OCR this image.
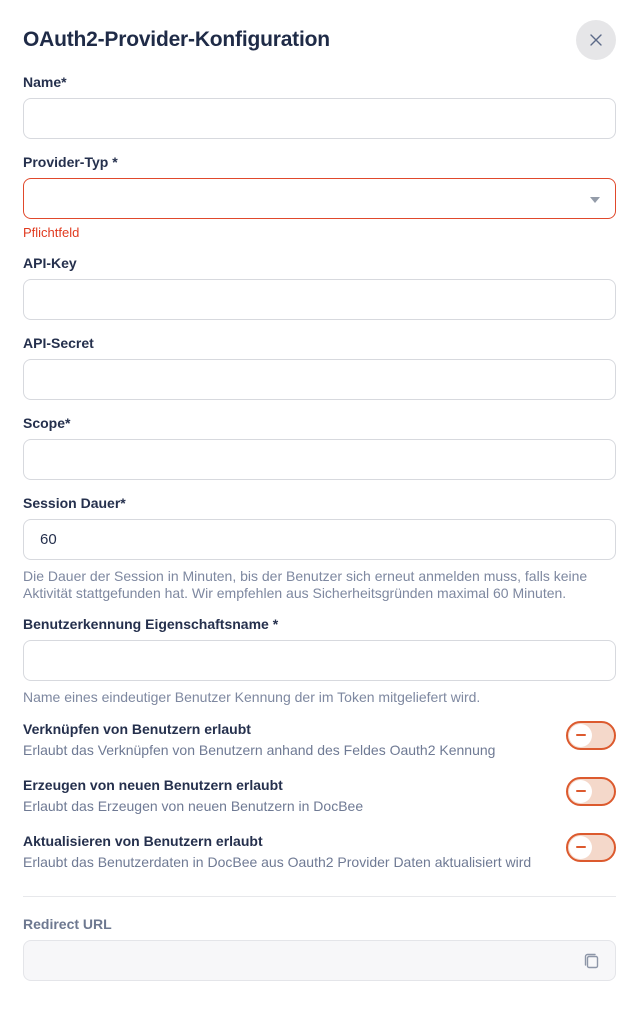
OAuth2-Provider-Konfiguration
Name*
Provider-Typ *
Pflichtfeld
API-Key
API-Secret
Scope*
Session Dauer*
60
Die Dauer der Session in Minuten, bis der Benutzer sich erneut anmelden muss, falls keine Aktivität stattgefunden hat. Wir empfehlen aus Sicherheitsgründen maximal 60 Minuten.
Benutzerkennung Eigenschaftsname *
Name eines eindeutiger Benutzer Kennung der im Token mitgeliefert wird.
Verknüpfen von Benutzern erlaubt
Erlaubt das Verknüpfen von Benutzern anhand des Feldes Oauth2 Kennung
Erzeugen von neuen Benutzern erlaubt
Erlaubt das Erzeugen von neuen Benutzern in DocBee
Aktualisieren von Benutzern erlaubt
Erlaubt das Benutzerdaten in DocBee aus Oauth2 Provider Daten aktualisiert wird
Redirect URL
